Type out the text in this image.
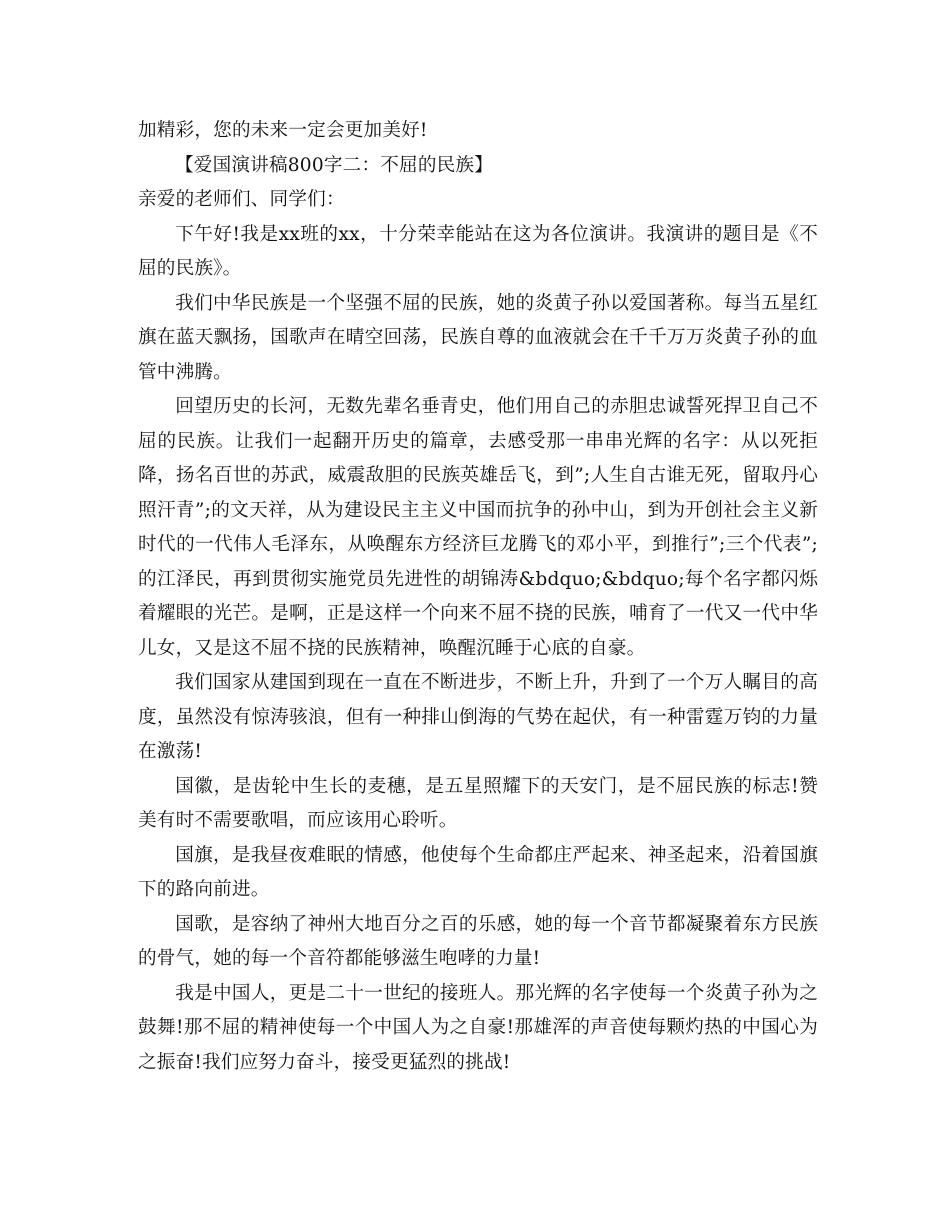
加精彩，您的未来一定会更加美好!

【爱国演讲稿800字二：不屈的民族】

亲爱的老师们、同学们：

下午好!我是xx班的xx，十分荣幸能站在这为各位演讲。我演讲的题目是《不屈的民族》。

我们中华民族是一个坚强不屈的民族，她的炎黄子孙以爱国著称。每当五星红旗在蓝天飘扬，国歌声在晴空回荡，民族自尊的血液就会在千千万万炎黄子孙的血管中沸腾。

回望历史的长河，无数先辈名垂青史，他们用自己的赤胆忠诚誓死捍卫自己不屈的民族。让我们一起翻开历史的篇章，去感受那一串串光辉的名字：从以死拒降，扬名百世的苏武，威震敌胆的民族英雄岳飞，到”;人生自古谁无死，留取丹心照汗青”;的文天祥，从为建设民主主义中国而抗争的孙中山，到为开创社会主义新时代的一代伟人毛泽东，从唤醒东方经济巨龙腾飞的邓小平，到推行”;三个代表”;的江泽民，再到贯彻实施党员先进性的胡锦涛&bdquo;&bdquo;每个名字都闪烁着耀眼的光芒。是啊，正是这样一个向来不屈不挠的民族，哺育了一代又一代中华儿女，又是这不屈不挠的民族精神，唤醒沉睡于心底的自豪。

我们国家从建国到现在一直在不断进步，不断上升，升到了一个万人瞩目的高度，虽然没有惊涛骇浪，但有一种排山倒海的气势在起伏，有一种雷霆万钧的力量在激荡!

国徽，是齿轮中生长的麦穗，是五星照耀下的天安门，是不屈民族的标志!赞美有时不需要歌唱，而应该用心聆听。

国旗，是我昼夜难眠的情感，他使每个生命都庄严起来、神圣起来，沿着国旗下的路向前进。

国歌，是容纳了神州大地百分之百的乐感，她的每一个音节都凝聚着东方民族的骨气，她的每一个音符都能够滋生咆哮的力量!

我是中国人，更是二十一世纪的接班人。那光辉的名字使每一个炎黄子孙为之鼓舞!那不屈的精神使每一个中国人为之自豪!那雄浑的声音使每颗灼热的中国心为之振奋!我们应努力奋斗，接受更猛烈的挑战!
